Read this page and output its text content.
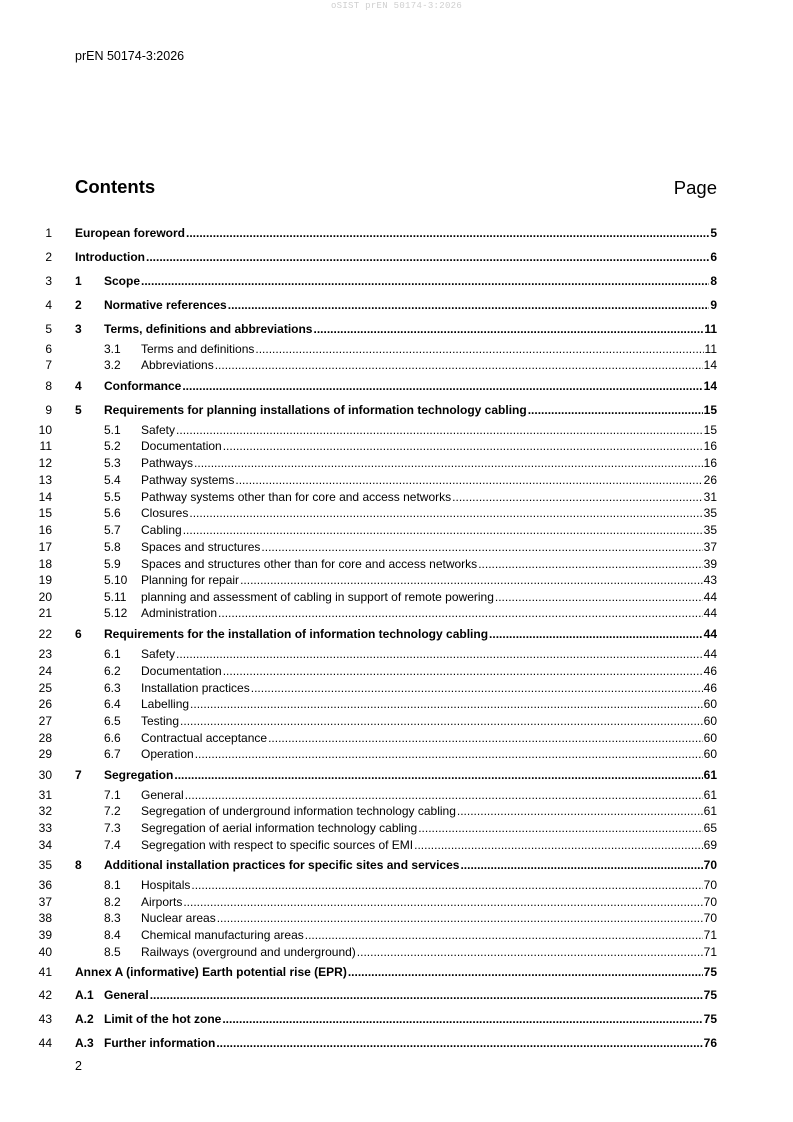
oSIST prEN 50174-3:2026
prEN 50174-3:2026
Contents	Page
1 European foreword .....	5
2 Introduction .....	6
3 1 Scope .....	8
4 2 Normative references .....	9
5 3 Terms, definitions and abbreviations .....	11
6	3.1 Terms and definitions .....	11
7	3.2 Abbreviations .....	14
8 4 Conformance .....	14
9 5 Requirements for planning installations of information technology cabling .....	15
10	5.1 Safety .....	15
11	5.2 Documentation .....	16
12	5.3 Pathways .....	16
13	5.4 Pathway systems .....	26
14	5.5 Pathway systems other than for core and access networks .....	31
15	5.6 Closures .....	35
16	5.7 Cabling .....	35
17	5.8 Spaces and structures .....	37
18	5.9 Spaces and structures other than for core and access networks .....	39
19	5.10 Planning for repair .....	43
20	5.11 planning and assessment of cabling in support of remote powering .....	44
21	5.12 Administration .....	44
22 6 Requirements for the installation of information technology cabling .....	44
23	6.1 Safety .....	44
24	6.2 Documentation .....	46
25	6.3 Installation practices .....	46
26	6.4 Labelling .....	60
27	6.5 Testing .....	60
28	6.6 Contractual acceptance .....	60
29	6.7 Operation .....	60
30 7 Segregation .....	61
31	7.1 General .....	61
32	7.2 Segregation of underground information technology cabling .....	61
33	7.3 Segregation of aerial information technology cabling .....	65
34	7.4 Segregation with respect to specific sources of EMI .....	69
35 8 Additional installation practices for specific sites and services .....	70
36	8.1 Hospitals .....	70
37	8.2 Airports .....	70
38	8.3 Nuclear areas .....	70
39	8.4 Chemical manufacturing areas .....	71
40	8.5 Railways (overground and underground) .....	71
41 Annex A (informative) Earth potential rise (EPR) .....	75
42 A.1 General .....	75
43 A.2 Limit of the hot zone .....	75
44 A.3 Further information .....	76
2
